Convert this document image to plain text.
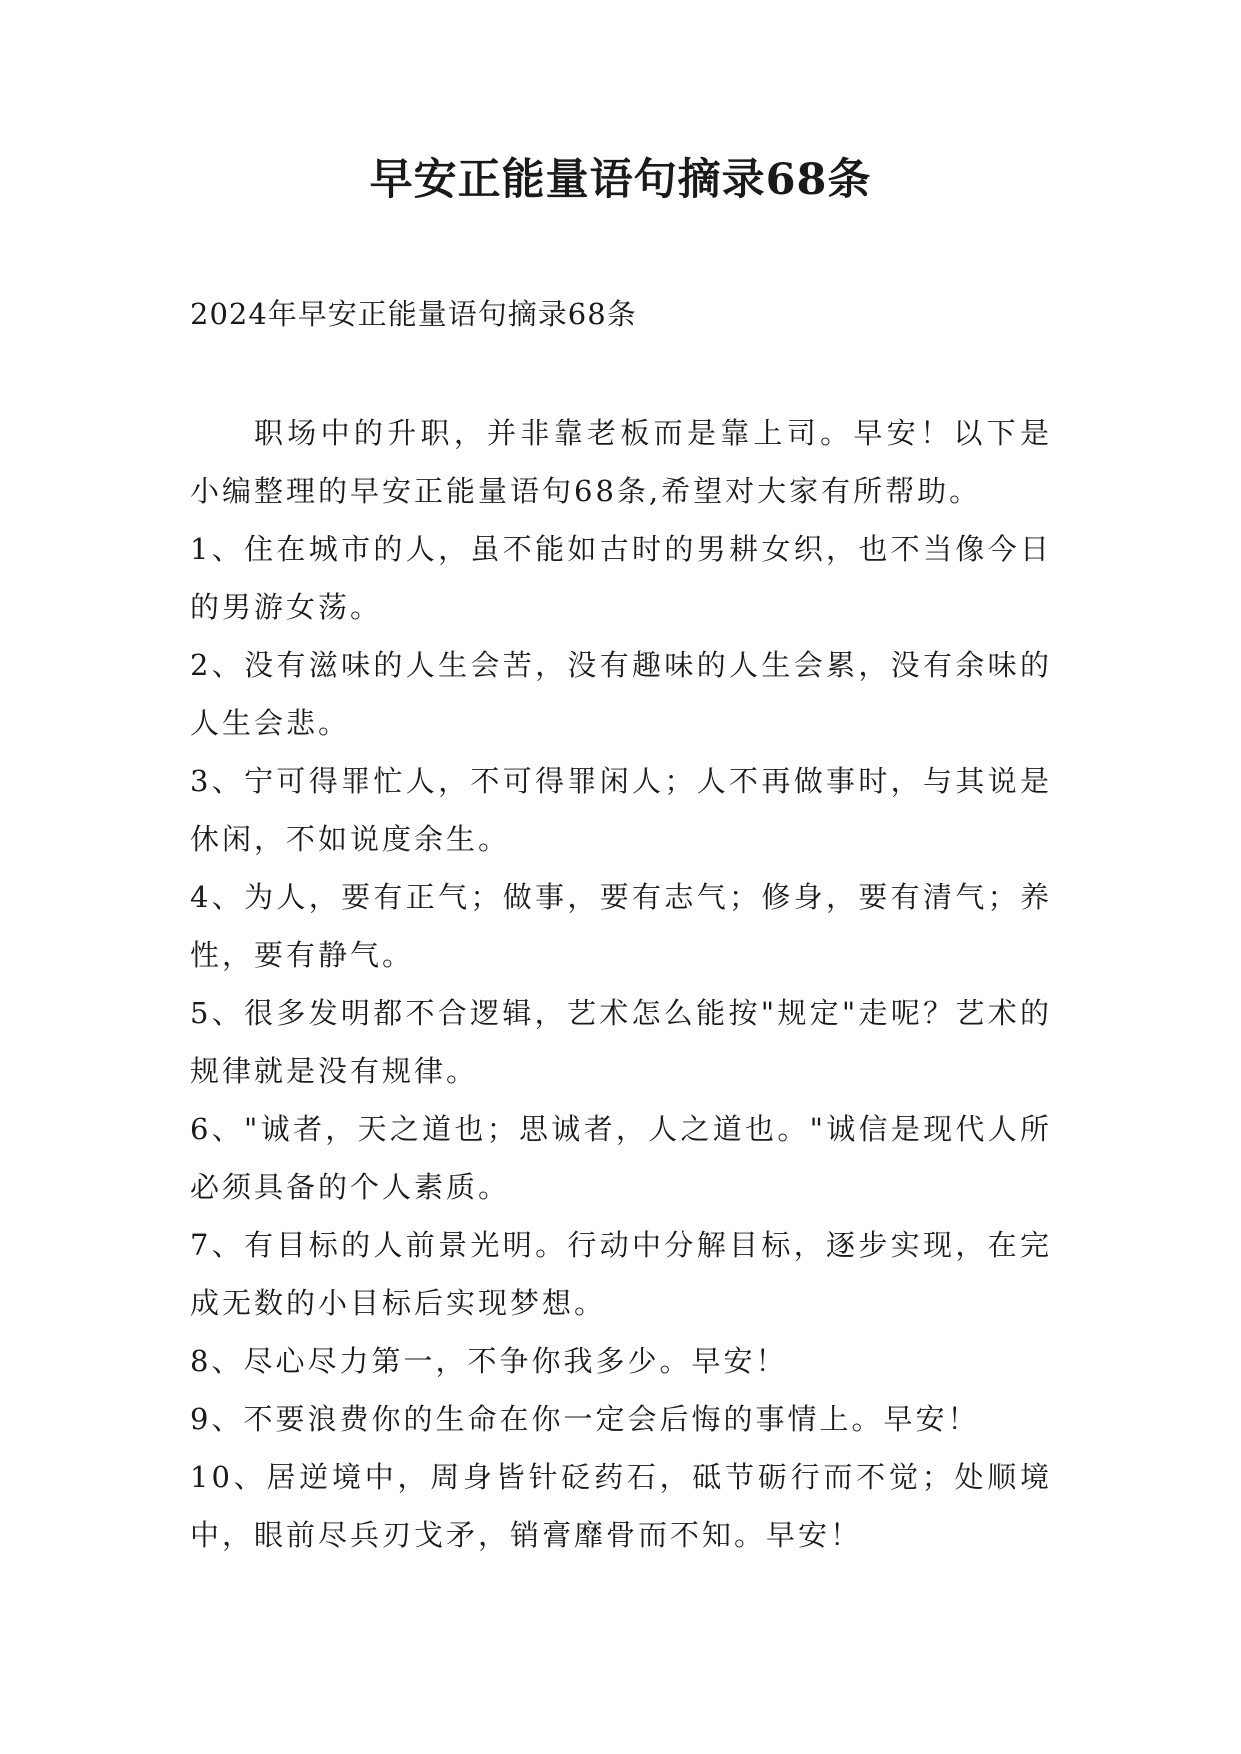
早安正能量语句摘录68条

2024年早安正能量语句摘录68条

职场中的升职，并非靠老板而是靠上司。早安！以下是小编整理的早安正能量语句68条,希望对大家有所帮助。

1、住在城市的人，虽不能如古时的男耕女织，也不当像今日的男游女荡。

2、没有滋味的人生会苦，没有趣味的人生会累，没有余味的人生会悲。

3、宁可得罪忙人，不可得罪闲人；人不再做事时，与其说是休闲，不如说度余生。

4、为人，要有正气；做事，要有志气；修身，要有清气；养性，要有静气。

5、很多发明都不合逻辑，艺术怎么能按"规定"走呢？艺术的规律就是没有规律。

6、"诚者，天之道也；思诚者，人之道也。"诚信是现代人所必须具备的个人素质。

7、有目标的人前景光明。行动中分解目标，逐步实现，在完成无数的小目标后实现梦想。

8、尽心尽力第一，不争你我多少。早安！

9、不要浪费你的生命在你一定会后悔的事情上。早安！

10、居逆境中，周身皆针砭药石，砥节砺行而不觉；处顺境中，眼前尽兵刃戈矛，销膏靡骨而不知。早安！
